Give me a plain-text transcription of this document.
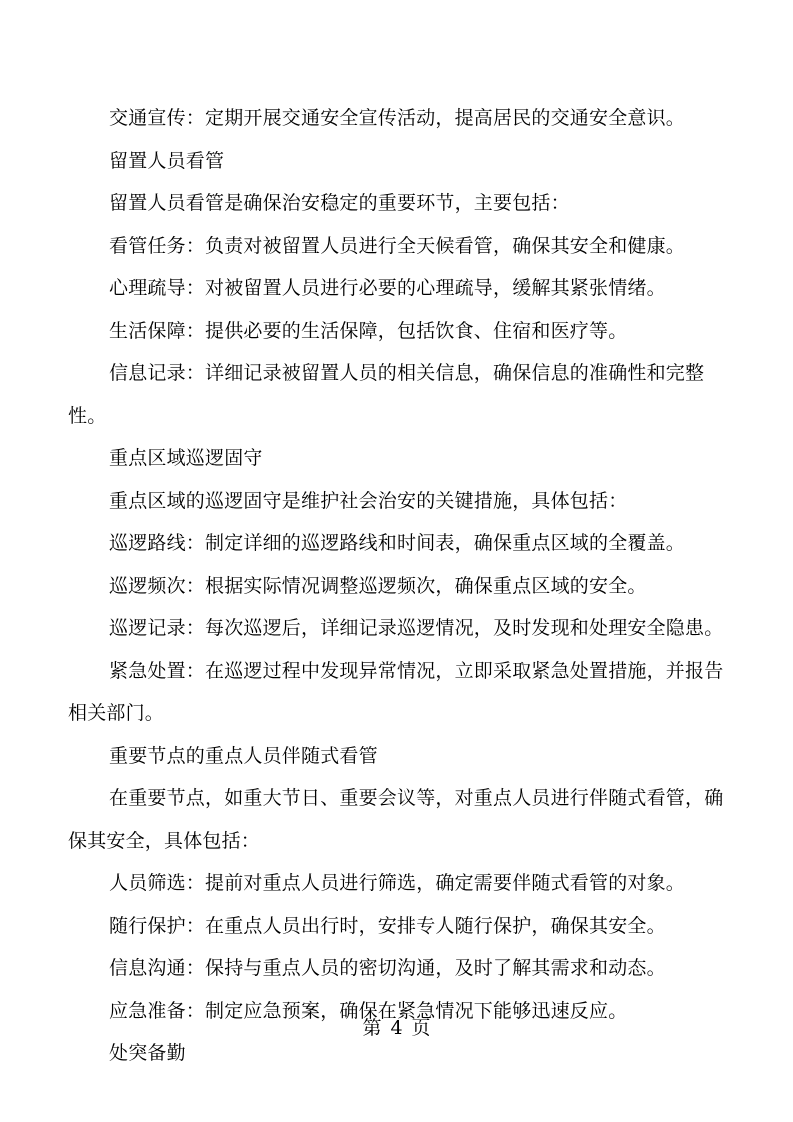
交通宣传：定期开展交通安全宣传活动，提高居民的交通安全意识。

留置人员看管

留置人员看管是确保治安稳定的重要环节，主要包括：

看管任务：负责对被留置人员进行全天候看管，确保其安全和健康。

心理疏导：对被留置人员进行必要的心理疏导，缓解其紧张情绪。

生活保障：提供必要的生活保障，包括饮食、住宿和医疗等。

信息记录：详细记录被留置人员的相关信息，确保信息的准确性和完整性。

重点区域巡逻固守

重点区域的巡逻固守是维护社会治安的关键措施，具体包括：

巡逻路线：制定详细的巡逻路线和时间表，确保重点区域的全覆盖。

巡逻频次：根据实际情况调整巡逻频次，确保重点区域的安全。

巡逻记录：每次巡逻后，详细记录巡逻情况，及时发现和处理安全隐患。

紧急处置：在巡逻过程中发现异常情况，立即采取紧急处置措施，并报告相关部门。

重要节点的重点人员伴随式看管

在重要节点，如重大节日、重要会议等，对重点人员进行伴随式看管，确保其安全，具体包括：

人员筛选：提前对重点人员进行筛选，确定需要伴随式看管的对象。

随行保护：在重点人员出行时，安排专人随行保护，确保其安全。

信息沟通：保持与重点人员的密切沟通，及时了解其需求和动态。

应急准备：制定应急预案，确保在紧急情况下能够迅速反应。

处突备勤

第 4 页
